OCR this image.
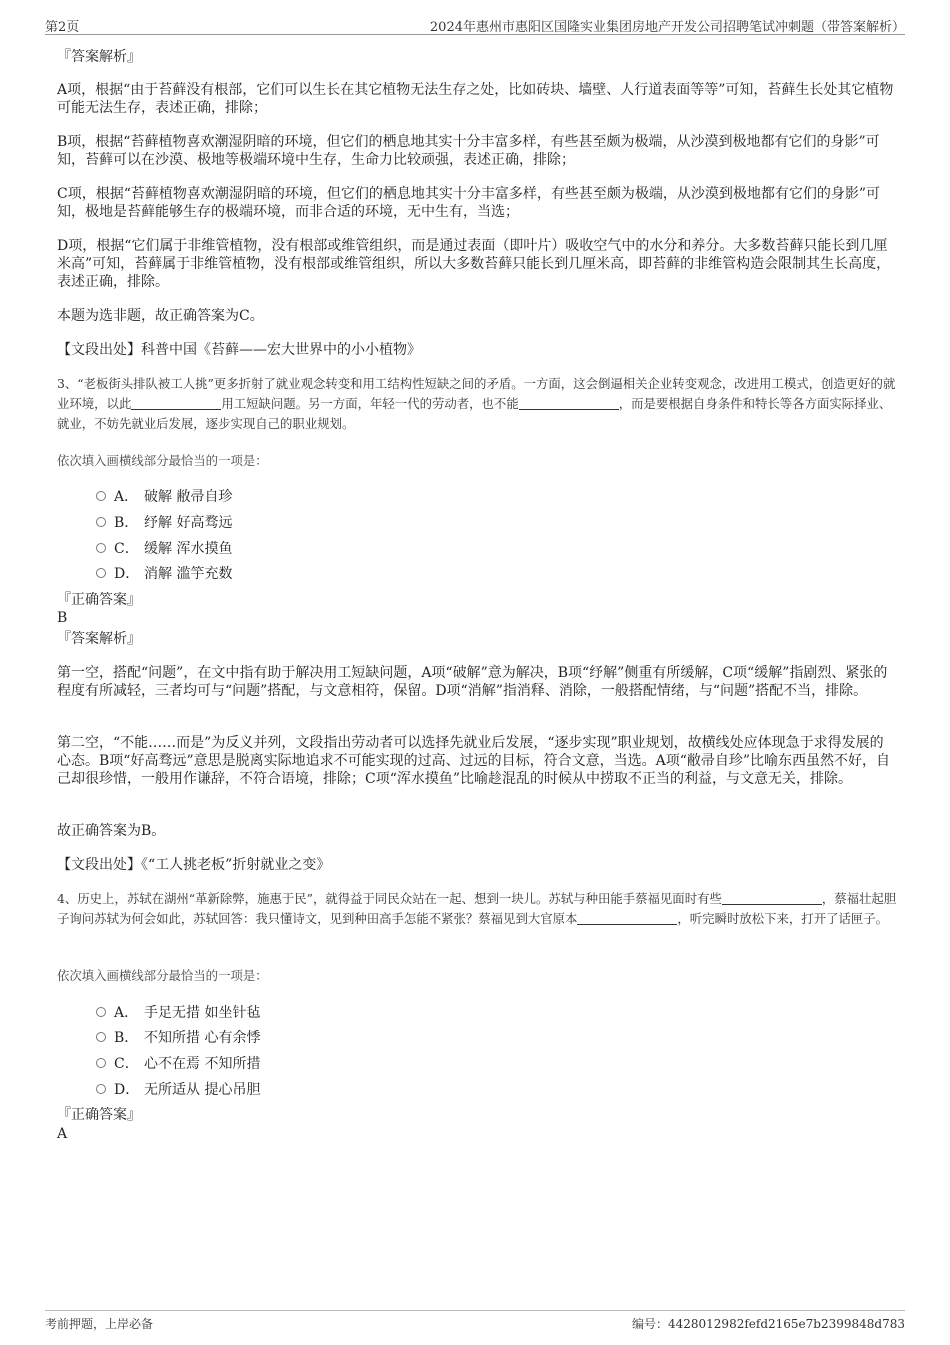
第2页	2024年惠州市惠阳区国隆实业集团房地产开发公司招聘笔试冲刺题（带答案解析）
『答案解析』
A项，根据“由于苔藓没有根部，它们可以生长在其它植物无法生存之处，比如砖块、墙壁、人行道表面等等”可知，苔藓生长处其它植物可能无法生存，表述正确，排除；
B项，根据“苔藓植物喜欢潮湿阴暗的环境，但它们的栖息地其实十分丰富多样，有些甚至颇为极端，从沙漠到极地都有它们的身影”可知，苔藓可以在沙漠、极地等极端环境中生存，生命力比较顽强，表述正确，排除；
C项，根据“苔藓植物喜欢潮湿阴暗的环境，但它们的栖息地其实十分丰富多样，有些甚至颇为极端，从沙漠到极地都有它们的身影”可知，极地是苔藓能够生存的极端环境，而非合适的环境，无中生有，当选；
D项，根据“它们属于非维管植物，没有根部或维管组织，而是通过表面（即叶片）吸收空气中的水分和养分。大多数苔藓只能长到几厘米高”可知，苔藓属于非维管植物，没有根部或维管组织，所以大多数苔藓只能长到几厘米高，即苔藓的非维管构造会限制其生长高度，表述正确，排除。
本题为选非题，故正确答案为C。
【文段出处】科普中国《苔藓——宏大世界中的小小植物》
3、“老板街头排队被工人挑”更多折射了就业观念转变和用工结构性短缺之间的矛盾。一方面，这会倒逼相关企业转变观念，改进用工模式，创造更好的就业环境，以此	用工短缺问题。另一方面，年轻一代的劳动者，也不能	，而是要根据自身条件和特长等各方面实际择业、就业，不妨先就业后发展，逐步实现自己的职业规划。
依次填入画横线部分最恰当的一项是：
A． 破解 敝帚自珍
B． 纾解 好高骛远
C． 缓解 浑水摸鱼
D． 消解 滥竽充数
『正确答案』
B
『答案解析』
第一空，搭配“问题”，在文中指有助于解决用工短缺问题，A项“破解”意为解决，B项“纾解”侧重有所缓解，C项“缓解”指剧烈、紧张的程度有所减轻，三者均可与“问题”搭配，与文意相符，保留。D项“消解”指消释、消除，一般搭配情绪，与“问题”搭配不当，排除。
第二空，“不能……而是”为反义并列，文段指出劳动者可以选择先就业后发展，“逐步实现”职业规划，故横线处应体现急于求得发展的心态。B项“好高骛远”意思是脱离实际地追求不可能实现的过高、过远的目标，符合文意，当选。A项“敝帚自珍”比喻东西虽然不好，自己却很珍惜，一般用作谦辞，不符合语境，排除；C项“浑水摸鱼”比喻趁混乱的时候从中捞取不正当的利益，与文意无关，排除。
故正确答案为B。
【文段出处】《“工人挑老板”折射就业之变》
4、历史上，苏轼在湖州“革新除弊，施惠于民”，就得益于同民众站在一起、想到一块儿。苏轼与种田能手蔡福见面时有些	，蔡福壮起胆子询问苏轼为何会如此，苏轼回答：我只懂诗文，见到种田高手怎能不紧张？蔡福见到大官原本	，听完瞬时放松下来，打开了话匣子。
依次填入画横线部分最恰当的一项是：
A． 手足无措 如坐针毡
B． 不知所措 心有余悸
C． 心不在焉 不知所措
D． 无所适从 提心吊胆
『正确答案』
A
考前押题，上岸必备	编号：4428012982fefd2165e7b2399848d783
